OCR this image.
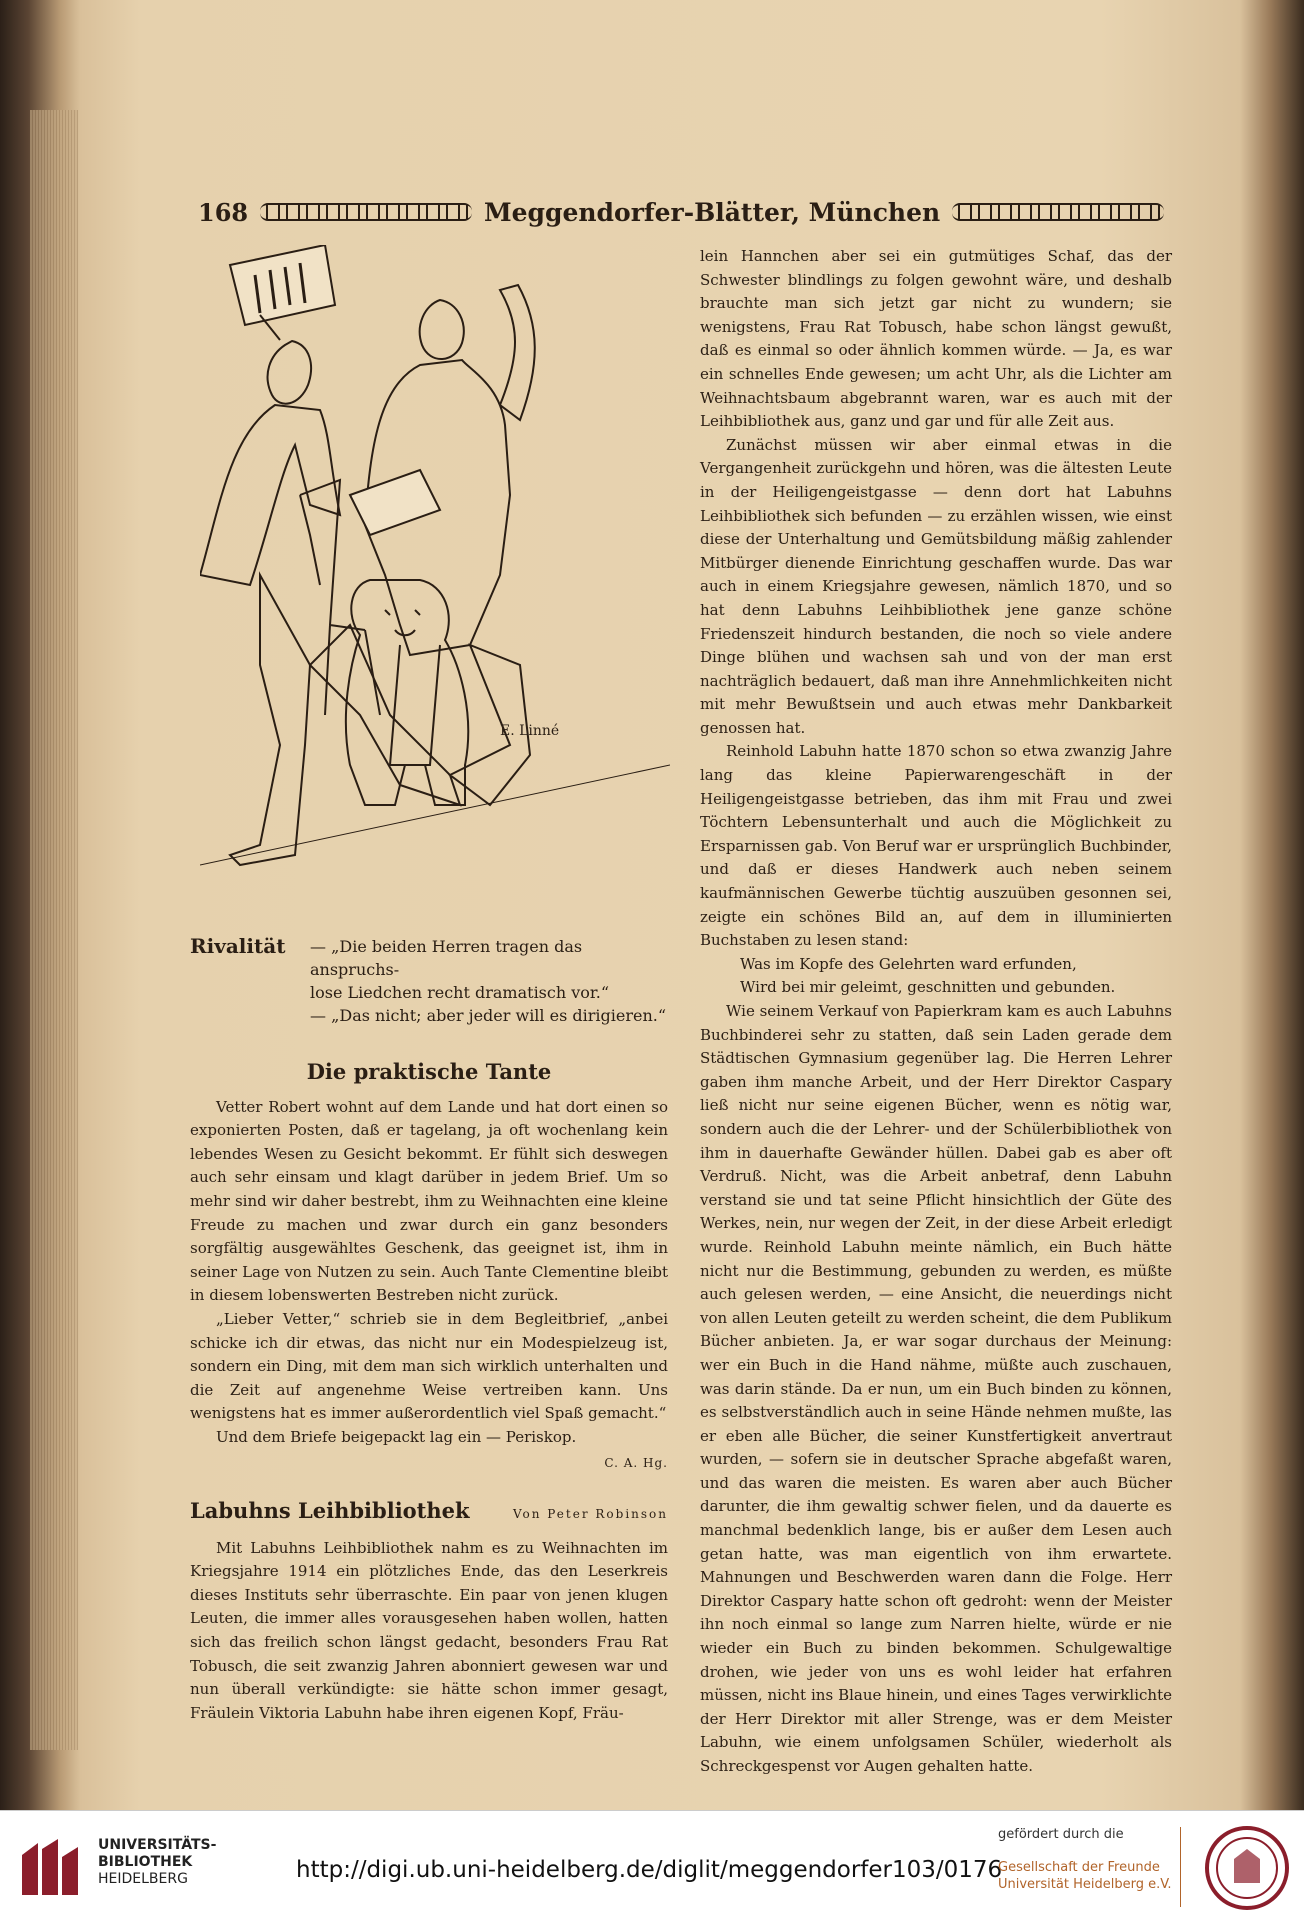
168	Meggendorfer-Blätter, München
E. Linné
Rivalität — „Die beiden Herren tragen das anspruchs-
lose Liedchen recht dramatisch vor.“
— „Das nicht; aber jeder will es dirigieren.“
Die praktische Tante

Vetter Robert wohnt auf dem Lande und hat dort einen so exponierten Posten, daß er tagelang, ja oft wochenlang kein lebendes Wesen zu Gesicht bekommt. Er fühlt sich deswegen auch sehr einsam und klagt darüber in jedem Brief. Um so mehr sind wir daher bestrebt, ihm zu Weihnachten eine kleine Freude zu machen und zwar durch ein ganz besonders sorgfältig ausgewähltes Geschenk, das geeignet ist, ihm in seiner Lage von Nutzen zu sein. Auch Tante Clementine bleibt in diesem lobenswerten Bestreben nicht zurück.

„Lieber Vetter,“ schrieb sie in dem Begleitbrief, „anbei schicke ich dir etwas, das nicht nur ein Modespielzeug ist, sondern ein Ding, mit dem man sich wirklich unterhalten und die Zeit auf angenehme Weise vertreiben kann. Uns wenigstens hat es immer außerordentlich viel Spaß gemacht.“

Und dem Briefe beigepackt lag ein — Periskop.

C. A. Hg.
Labuhns Leihbibliothek	Von Peter Robinson

Mit Labuhns Leihbibliothek nahm es zu Weihnachten im Kriegsjahre 1914 ein plötzliches Ende, das den Leserkreis dieses Instituts sehr überraschte. Ein paar von jenen klugen Leuten, die immer alles vorausgesehen haben wollen, hatten sich das freilich schon längst gedacht, besonders Frau Rat Tobusch, die seit zwanzig Jahren abonniert gewesen war und nun überall verkündigte: sie hätte schon immer gesagt, Fräulein Viktoria Labuhn habe ihren eigenen Kopf, Fräu-

lein Hannchen aber sei ein gutmütiges Schaf, das der Schwester blindlings zu folgen gewohnt wäre, und deshalb brauchte man sich jetzt gar nicht zu wundern; sie wenigstens, Frau Rat Tobusch, habe schon längst gewußt, daß es einmal so oder ähnlich kommen würde. — Ja, es war ein schnelles Ende gewesen; um acht Uhr, als die Lichter am Weihnachtsbaum abgebrannt waren, war es auch mit der Leihbibliothek aus, ganz und gar und für alle Zeit aus.

Zunächst müssen wir aber einmal etwas in die Vergangenheit zurückgehn und hören, was die ältesten Leute in der Heiligengeistgasse — denn dort hat Labuhns Leihbibliothek sich befunden — zu erzählen wissen, wie einst diese der Unterhaltung und Gemütsbildung mäßig zahlender Mitbürger dienende Einrichtung geschaffen wurde. Das war auch in einem Kriegsjahre gewesen, nämlich 1870, und so hat denn Labuhns Leihbibliothek jene ganze schöne Friedenszeit hindurch bestanden, die noch so viele andere Dinge blühen und wachsen sah und von der man erst nachträglich bedauert, daß man ihre Annehmlichkeiten nicht mit mehr Bewußtsein und auch etwas mehr Dankbarkeit genossen hat.

Reinhold Labuhn hatte 1870 schon so etwa zwanzig Jahre lang das kleine Papierwarengeschäft in der Heiligengeistgasse betrieben, das ihm mit Frau und zwei Töchtern Lebensunterhalt und auch die Möglichkeit zu Ersparnissen gab. Von Beruf war er ursprünglich Buchbinder, und daß er dieses Handwerk auch neben seinem kaufmännischen Gewerbe tüchtig auszuüben gesonnen sei, zeigte ein schönes Bild an, auf dem in illuminierten Buchstaben zu lesen stand:

Was im Kopfe des Gelehrten ward erfunden,

Wird bei mir geleimt, geschnitten und gebunden.

Wie seinem Verkauf von Papierkram kam es auch Labuhns Buchbinderei sehr zu statten, daß sein Laden gerade dem Städtischen Gymnasium gegenüber lag. Die Herren Lehrer gaben ihm manche Arbeit, und der Herr Direktor Caspary ließ nicht nur seine eigenen Bücher, wenn es nötig war, sondern auch die der Lehrer- und der Schülerbibliothek von ihm in dauerhafte Gewänder hüllen. Dabei gab es aber oft Verdruß. Nicht, was die Arbeit anbetraf, denn Labuhn verstand sie und tat seine Pflicht hinsichtlich der Güte des Werkes, nein, nur wegen der Zeit, in der diese Arbeit erledigt wurde. Reinhold Labuhn meinte nämlich, ein Buch hätte nicht nur die Bestimmung, gebunden zu werden, es müßte auch gelesen werden, — eine Ansicht, die neuerdings nicht von allen Leuten geteilt zu werden scheint, die dem Publikum Bücher anbieten. Ja, er war sogar durchaus der Meinung: wer ein Buch in die Hand nähme, müßte auch zuschauen, was darin stände. Da er nun, um ein Buch binden zu können, es selbstverständlich auch in seine Hände nehmen mußte, las er eben alle Bücher, die seiner Kunstfertigkeit anvertraut wurden, — sofern sie in deutscher Sprache abgefaßt waren, und das waren die meisten. Es waren aber auch Bücher darunter, die ihm gewaltig schwer fielen, und da dauerte es manchmal bedenklich lange, bis er außer dem Lesen auch getan hatte, was man eigentlich von ihm erwartete. Mahnungen und Beschwerden waren dann die Folge. Herr Direktor Caspary hatte schon oft gedroht: wenn der Meister ihn noch einmal so lange zum Narren hielte, würde er nie wieder ein Buch zu binden bekommen. Schulgewaltige drohen, wie jeder von uns es wohl leider hat erfahren müssen, nicht ins Blaue hinein, und eines Tages verwirklichte der Herr Direktor mit aller Strenge, was er dem Meister Labuhn, wie einem unfolgsamen Schüler, wiederholt als Schreckgespenst vor Augen gehalten hatte.

UNIVERSITÄTS-
BIBLIOTHEK
HEIDELBERG	http://digi.ub.uni-heidelberg.de/diglit/meggendorfer103/0176
gefördert durch die
Gesellschaft der Freunde
Universität Heidelberg e.V.
